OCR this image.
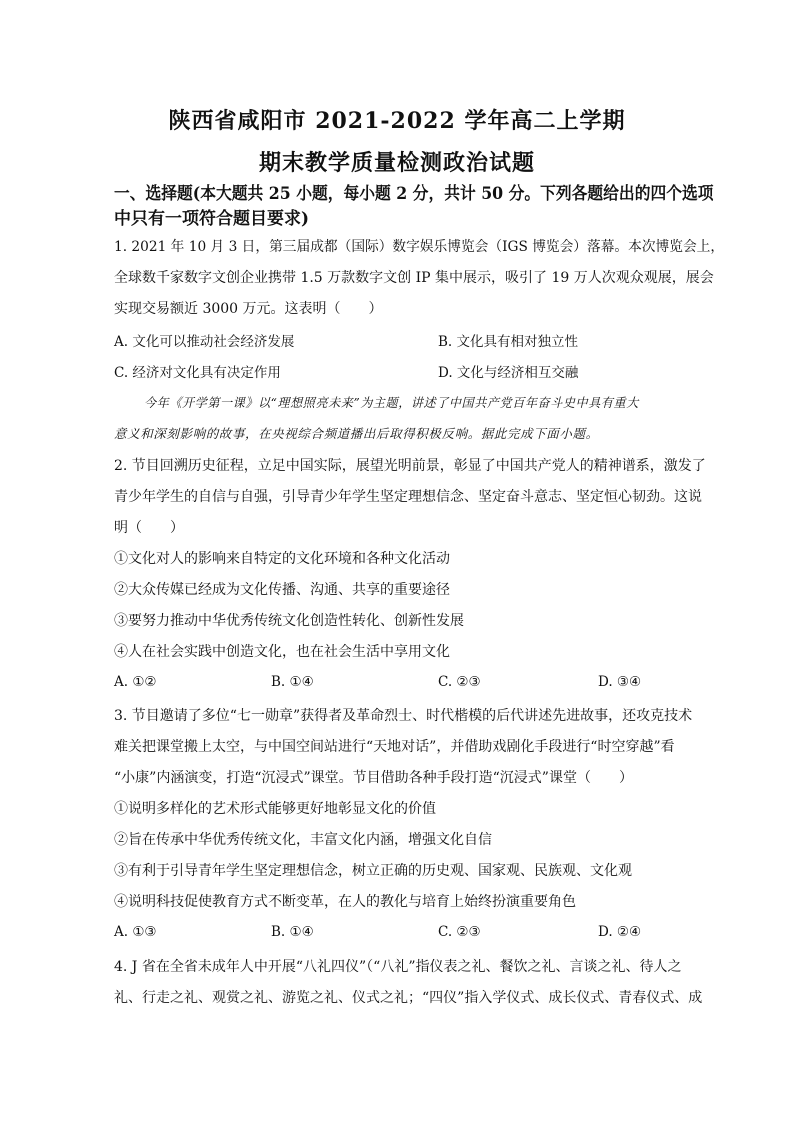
陕西省咸阳市 2021-2022 学年高二上学期
期末教学质量检测政治试题
一、选择题(本大题共 25 小题，每小题 2 分，共计 50 分。下列各题给出的四个选项
中只有一项符合题目要求)
1. 2021 年 10 月 3 日，第三届成都（国际）数字娱乐博览会（IGS 博览会）落幕。本次博览会上，
全球数千家数字文创企业携带 1.5 万款数字文创 IP 集中展示，吸引了 19 万人次观众观展，展会
实现交易额近 3000 万元。这表明（　　）
A. 文化可以推动社会经济发展	B. 文化具有相对独立性
C. 经济对文化具有决定作用	D. 文化与经济相互交融
今年《开学第一课》以“理想照亮未来”为主题，讲述了中国共产党百年奋斗史中具有重大
意义和深刻影响的故事，在央视综合频道播出后取得积极反响。据此完成下面小题。
2. 节目回溯历史征程，立足中国实际，展望光明前景，彰显了中国共产党人的精神谱系，激发了
青少年学生的自信与自强，引导青少年学生坚定理想信念、坚定奋斗意志、坚定恒心韧劲。这说
明（　　）
①文化对人的影响来自特定的文化环境和各种文化活动
②大众传媒已经成为文化传播、沟通、共享的重要途径
③要努力推动中华优秀传统文化创造性转化、创新性发展
④人在社会实践中创造文化，也在社会生活中享用文化
A. ①②	B. ①④	C. ②③	D. ③④
3. 节目邀请了多位“七一勋章”获得者及革命烈士、时代楷模的后代讲述先进故事，还攻克技术
难关把课堂搬上太空，与中国空间站进行“天地对话”，并借助戏剧化手段进行“时空穿越”看
“小康”内涵演变，打造“沉浸式”课堂。节目借助各种手段打造“沉浸式”课堂（　　）
①说明多样化的艺术形式能够更好地彰显文化的价值
②旨在传承中华优秀传统文化，丰富文化内涵，增强文化自信
③有利于引导青年学生坚定理想信念，树立正确的历史观、国家观、民族观、文化观
④说明科技促使教育方式不断变革，在人的教化与培育上始终扮演重要角色
A. ①③	B. ①④	C. ②③	D. ②④
4. J 省在全省未成年人中开展“八礼四仪”（“八礼”指仪表之礼、餐饮之礼、言谈之礼、待人之
礼、行走之礼、观赏之礼、游览之礼、仪式之礼；“四仪”指入学仪式、成长仪式、青春仪式、成
